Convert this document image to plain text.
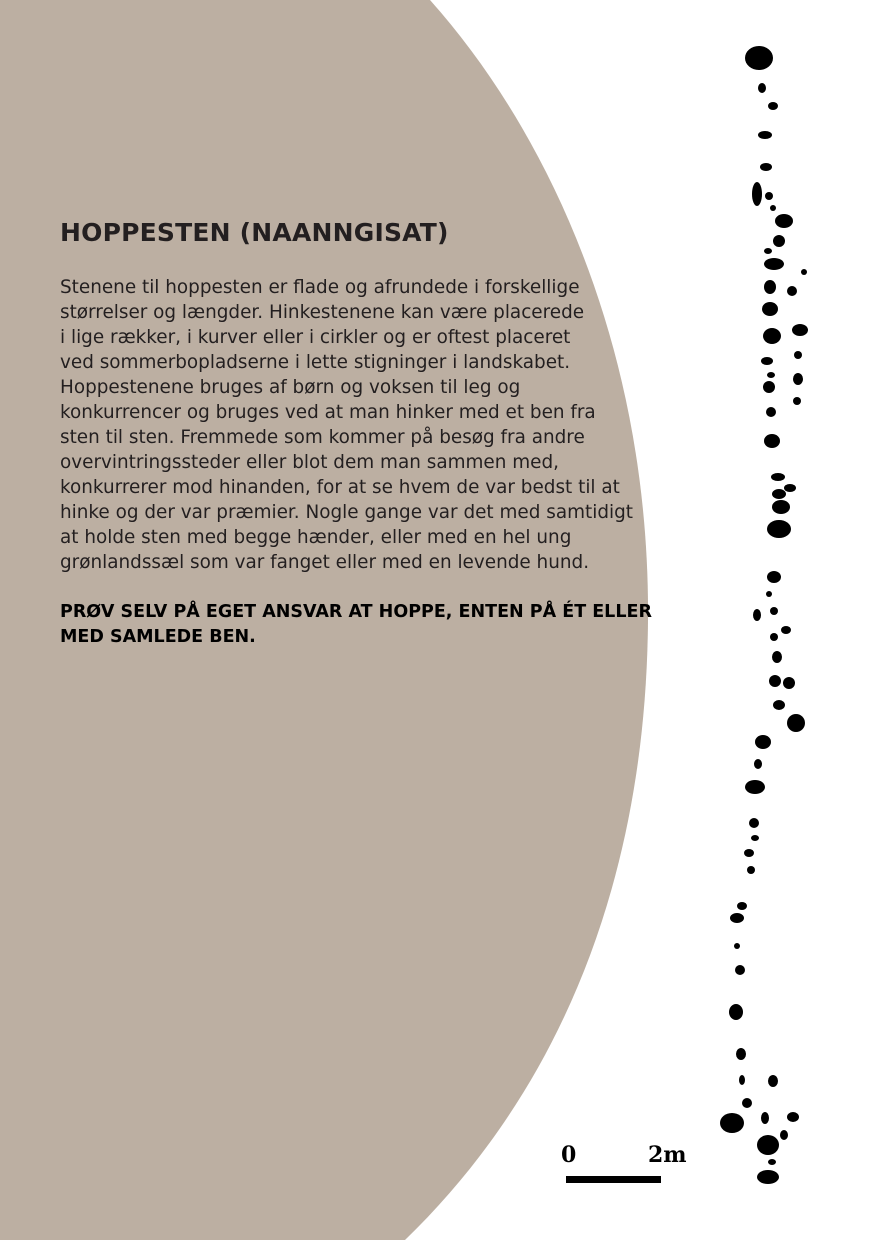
HOPPESTEN (NAANNGISAT)

Stenene til hoppesten er flade og afrundede i forskellige
størrelser og længder. Hinkestenene kan være placerede
i lige rækker, i kurver eller i cirkler og er oftest placeret
ved sommerbopladserne i lette stigninger i landskabet.
Hoppestenene bruges af børn og voksen til leg og
konkurrencer og bruges ved at man hinker med et ben fra
sten til sten. Fremmede som kommer på besøg fra andre
overvintringssteder eller blot dem man sammen med,
konkurrerer mod hinanden, for at se hvem de var bedst til at
hinke og der var præmier. Nogle gange var det med samtidigt
at holde sten med begge hænder, eller med en hel ung
grønlandssæl som var fanget eller med en levende hund.

PRØV SELV PÅ EGET ANSVAR AT HOPPE, ENTEN PÅ ÉT ELLER
MED SAMLEDE BEN.

0	2m
